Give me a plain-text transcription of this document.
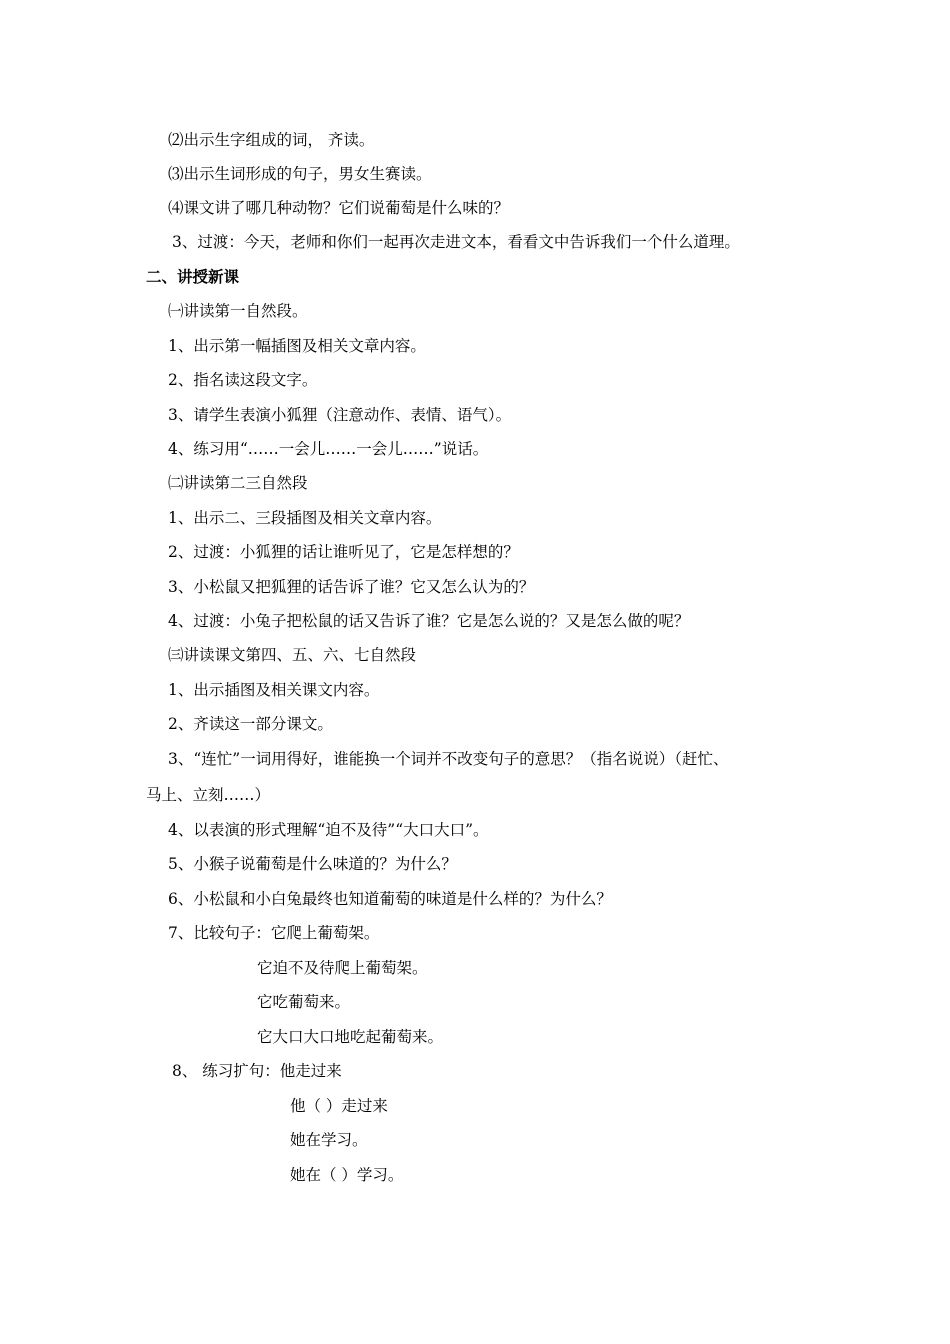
⑵出示生字组成的词， 齐读。
⑶出示生词形成的句子，男女生赛读。
⑷课文讲了哪几种动物？它们说葡萄是什么味的？
3、过渡：今天，老师和你们一起再次走进文本，看看文中告诉我们一个什么道理。
二、讲授新课
㈠讲读第一自然段。
1、出示第一幅插图及相关文章内容。
2、指名读这段文字。
3、请学生表演小狐狸（注意动作、表情、语气）。
4、练习用“……一会儿……一会儿……”说话。
㈡讲读第二三自然段
1、出示二、三段插图及相关文章内容。
2、过渡：小狐狸的话让谁听见了，它是怎样想的？
3、小松鼠又把狐狸的话告诉了谁？它又怎么认为的？
4、过渡：小兔子把松鼠的话又告诉了谁？它是怎么说的？又是怎么做的呢？
㈢讲读课文第四、五、六、七自然段
1、出示插图及相关课文内容。
2、齐读这一部分课文。
3、“连忙”一词用得好，谁能换一个词并不改变句子的意思？（指名说说）（赶忙、
马上、立刻……）
4、以表演的形式理解“迫不及待”“大口大口”。
5、小猴子说葡萄是什么味道的？为什么？
6、小松鼠和小白兔最终也知道葡萄的味道是什么样的？为什么？
7、比较句子：它爬上葡萄架。
它迫不及待爬上葡萄架。
它吃葡萄来。
它大口大口地吃起葡萄来。
8、 练习扩句：他走过来
他（ ）走过来
她在学习。
她在（ ）学习。
